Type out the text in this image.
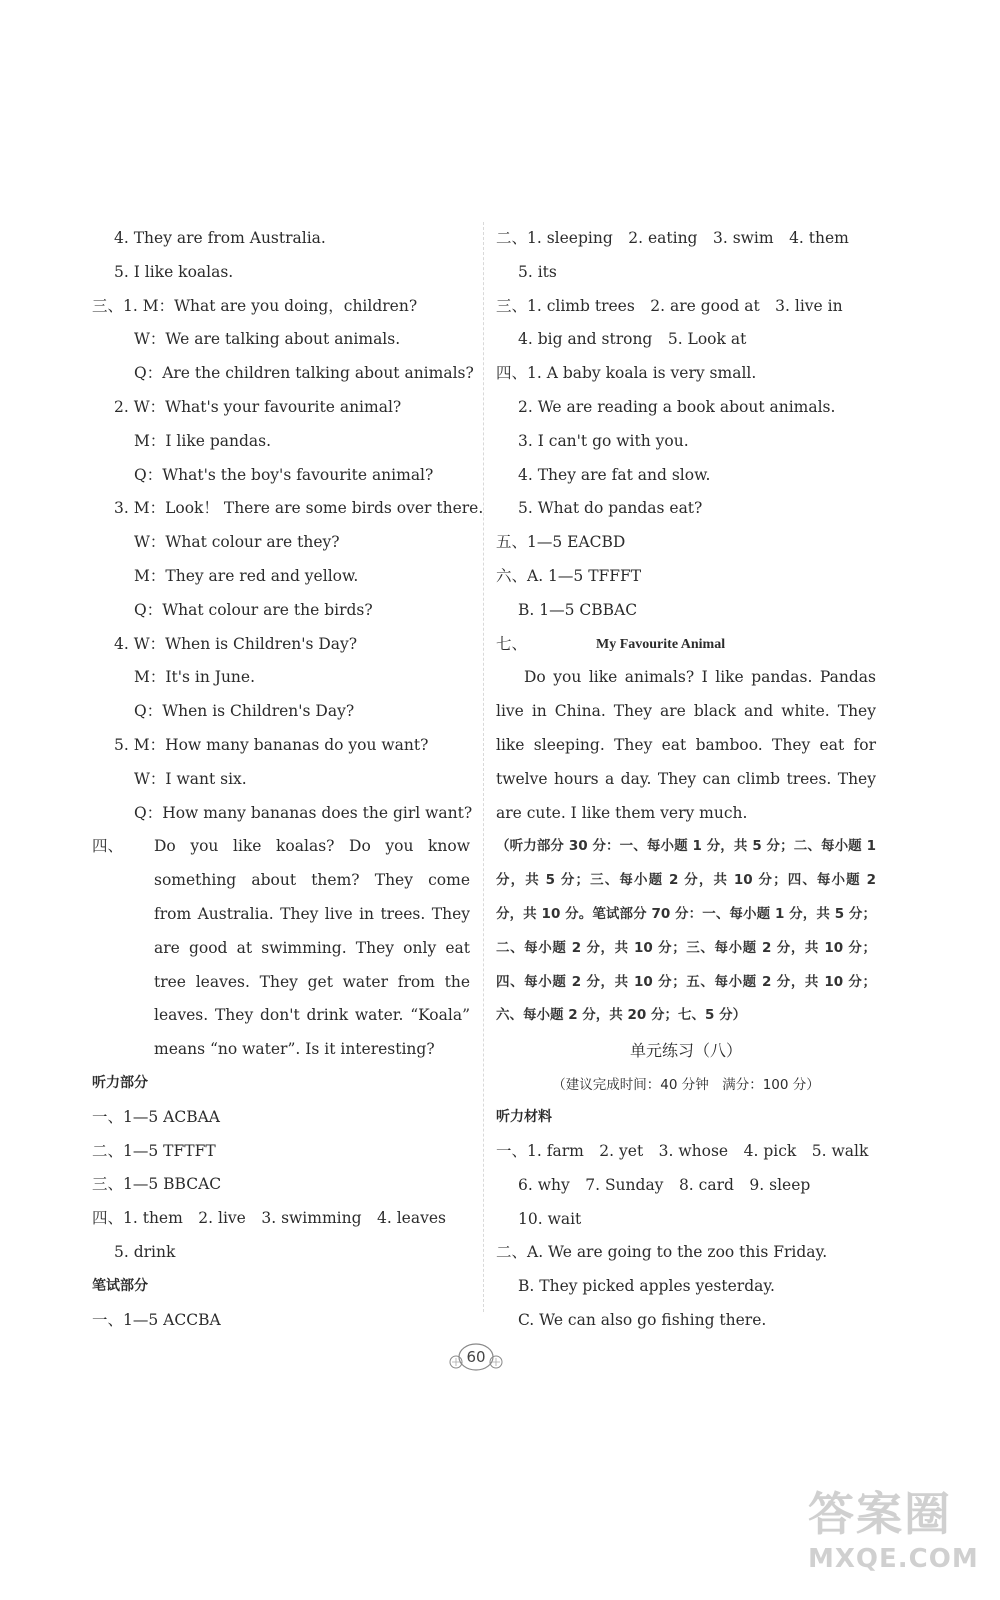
4. They are from Australia.
5. I like koalas.
三、1. M：What are you doing，children?
W：We are talking about animals.
Q：Are the children talking about animals?
2. W：What's your favourite animal?
M：I like pandas.
Q：What's the boy's favourite animal?
3. M：Look！ There are some birds over there.
W：What colour are they?
M：They are red and yellow.
Q：What colour are the birds?
4. W：When is Children's Day?
M：It's in June.
Q：When is Children's Day?
5. M：How many bananas do you want?
W：I want six.
Q：How many bananas does the girl want?
四、	Do you like koalas? Do you know something about them? They come from Australia. They live in trees. They are good at swimming. They only eat tree leaves. They get water from the leaves. They don't drink water. “Koala” means “no water”. Is it interesting?
听力部分
一、1—5 ACBAA
二、1—5 TFTFT
三、1—5 BBCAC
四、1. them　2. live　3. swimming　4. leaves
5. drink
笔试部分
一、1—5 ACCBA
二、1. sleeping　2. eating　3. swim　4. them
5. its
三、1. climb trees　2. are good at　3. live in
4. big and strong　5. Look at
四、1. A baby koala is very small.
2. We are reading a book about animals.
3. I can't go with you.
4. They are fat and slow.
5. What do pandas eat?
五、1—5 EACBD
六、A. 1—5 TFFFT
B. 1—5 CBBAC
七、	My Favourite Animal
Do you like animals? I like pandas. Pandas live in China. They are black and white. They like sleeping. They eat bamboo. They eat for twelve hours a day. They can climb trees. They are cute. I like them very much.
（听力部分 30 分：一、每小题 1 分，共 5 分；二、每小题 1 分，共 5 分；三、每小题 2 分，共 10 分；四、每小题 2 分，共 10 分。笔试部分 70 分：一、每小题 1 分，共 5 分；二、每小题 2 分，共 10 分；三、每小题 2 分，共 10 分；四、每小题 2 分，共 10 分；五、每小题 2 分，共 10 分；六、每小题 2 分，共 20 分；七、5 分）
单元练习（八）
（建议完成时间：40 分钟　满分：100 分）
听力材料
一、1. farm　2. yet　3. whose　4. pick　5. walk
6. why　7. Sunday　8. card　9. sleep
10. wait
二、A. We are going to the zoo this Friday.
B. They picked apples yesterday.
C. We can also go fishing there.
60
答案圈
MXQE.COM
